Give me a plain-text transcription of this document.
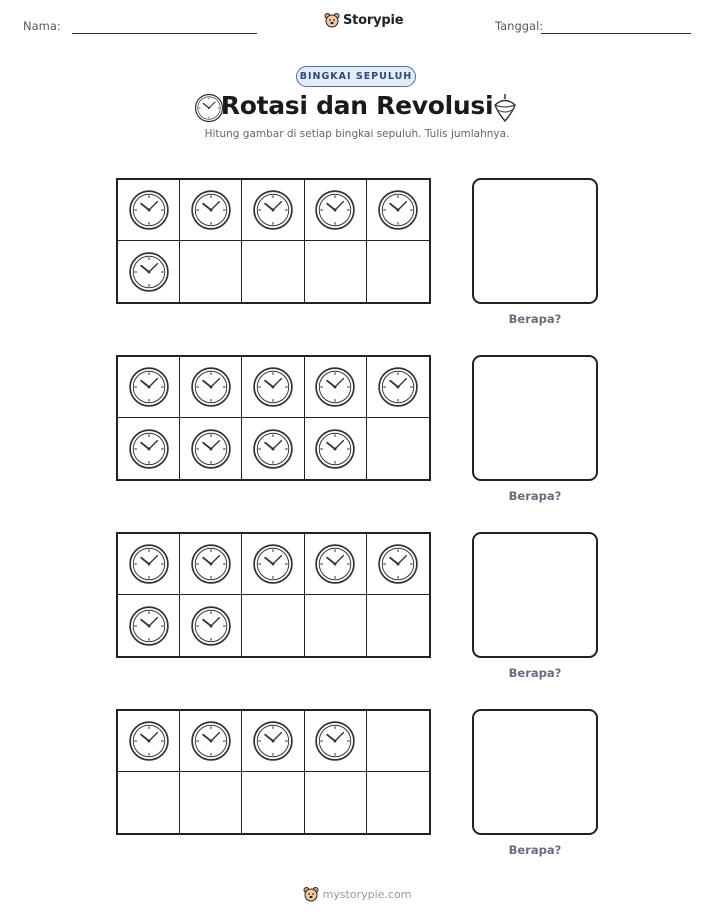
Nama:	Storypie	Tanggal:
BINGKAI SEPULUH
Rotasi dan Revolusi
Hitung gambar di setiap bingkai sepuluh. Tulis jumlahnya.
Berapa?
Berapa?
Berapa?
Berapa?
mystorypie.com
